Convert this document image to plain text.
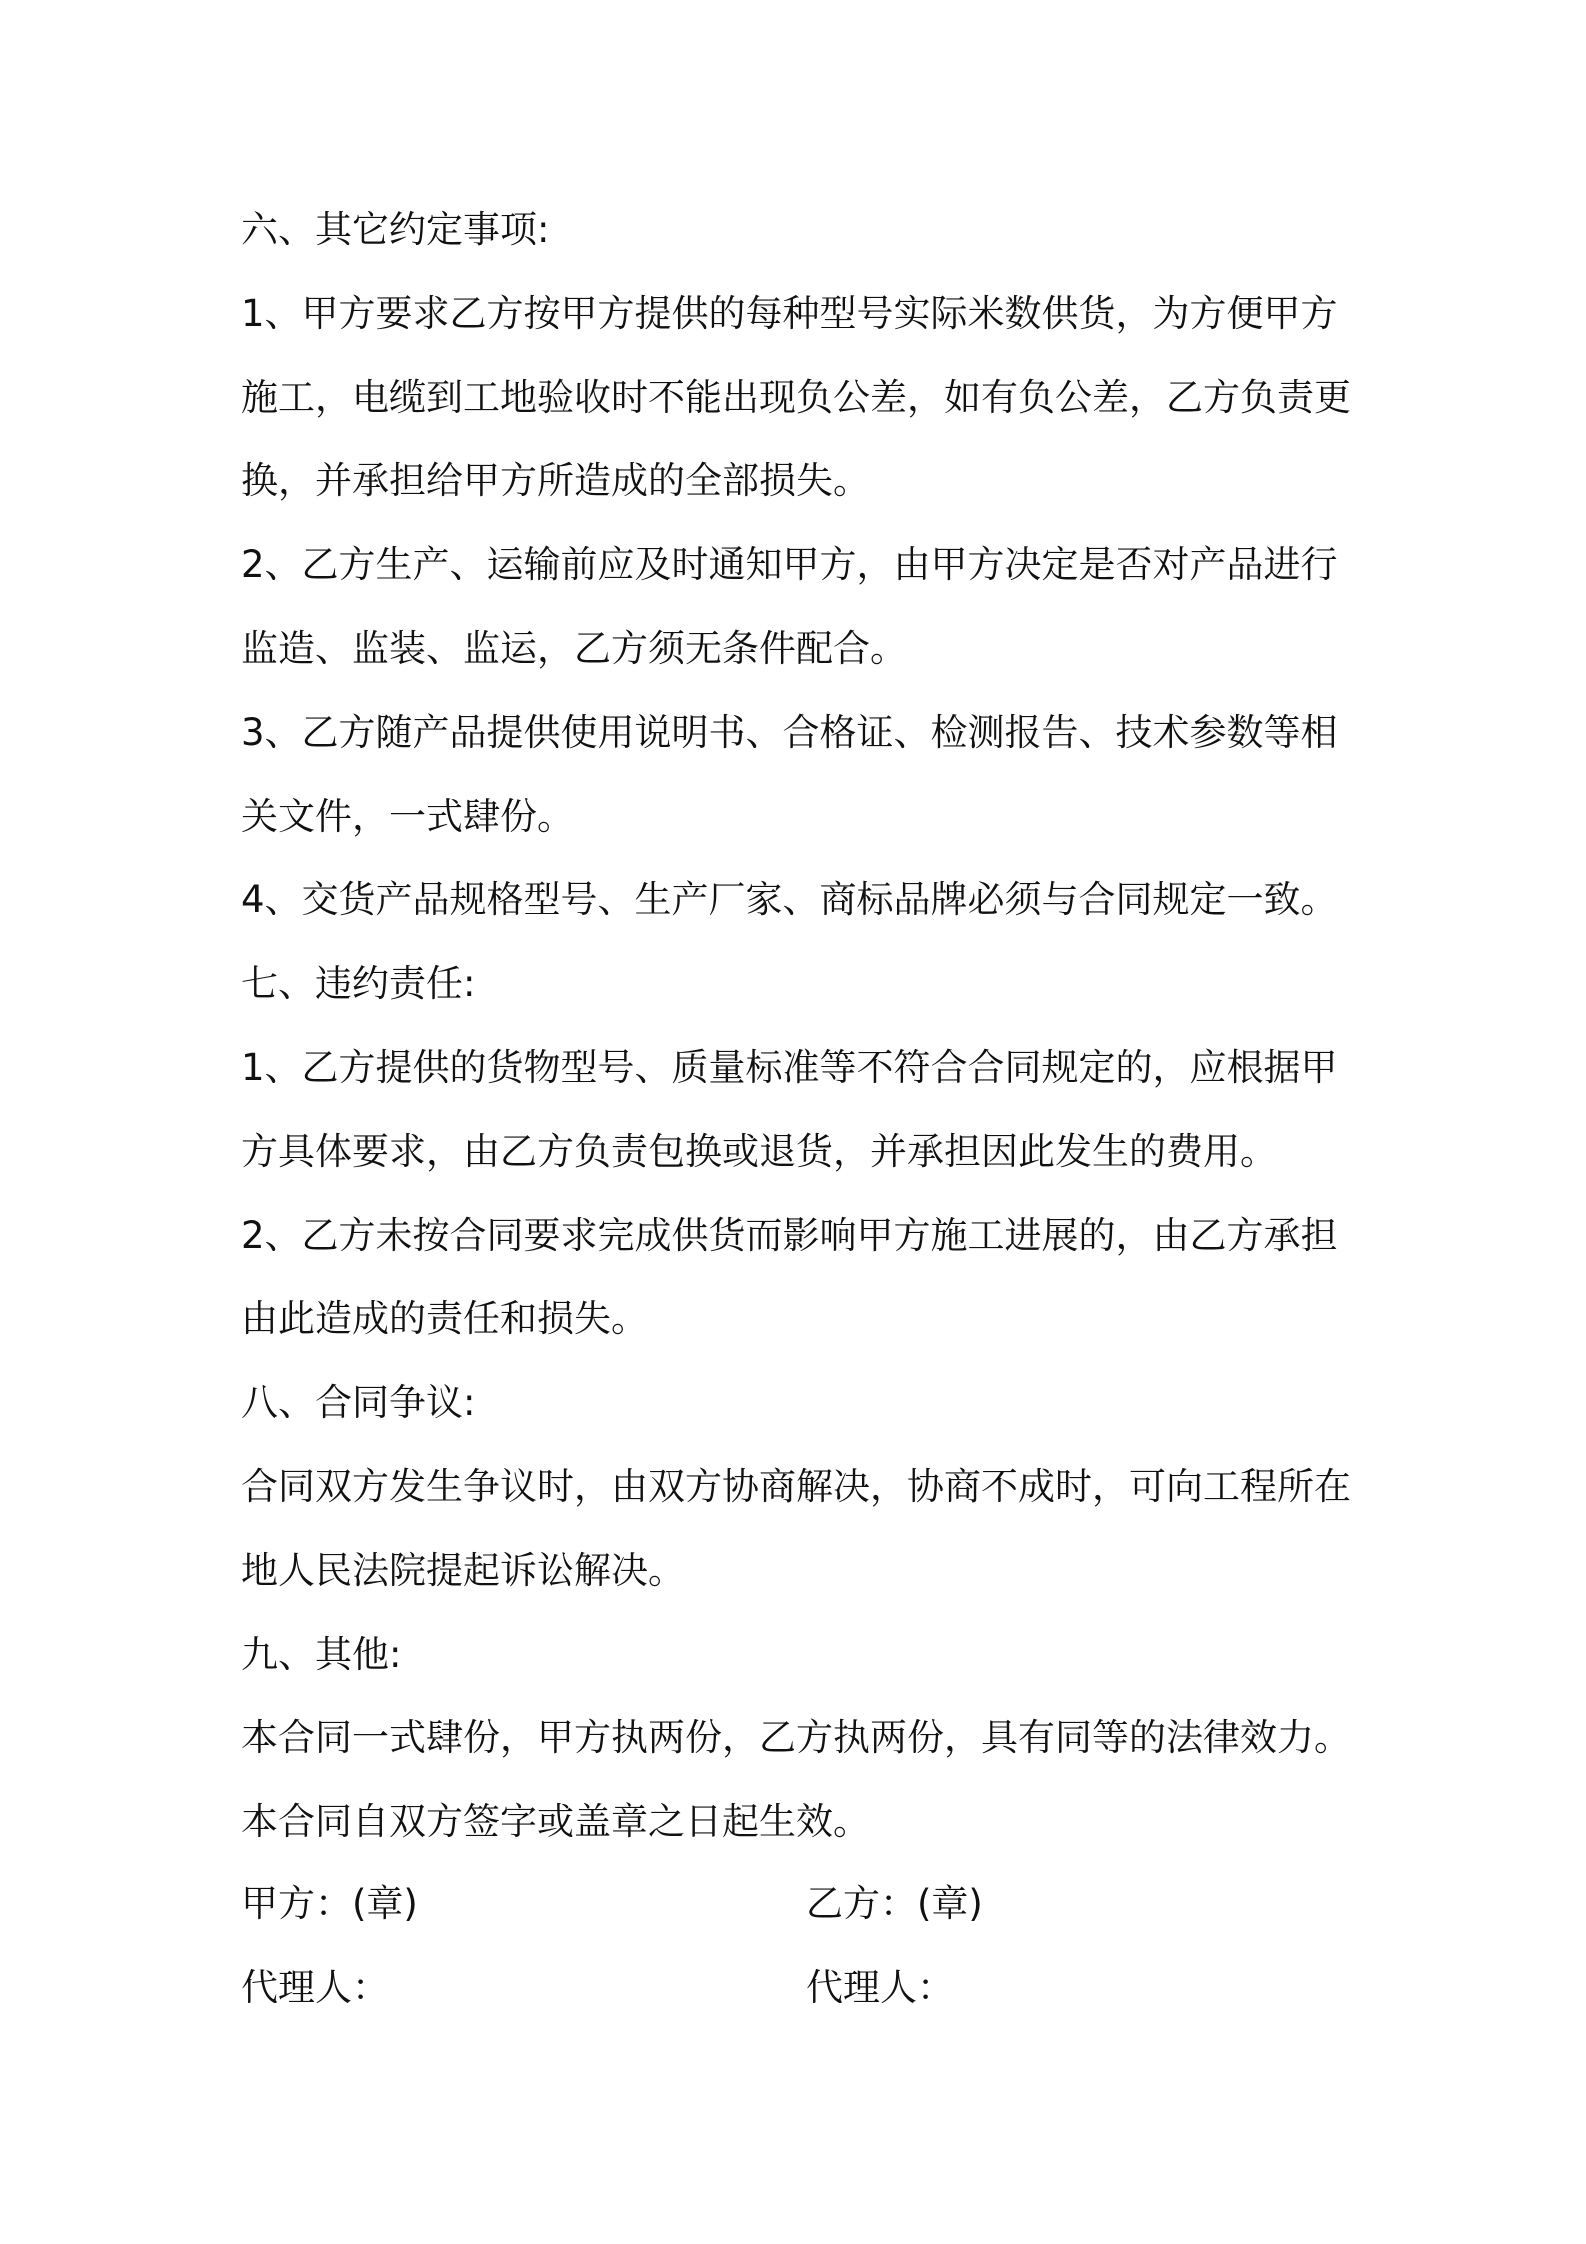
六、其它约定事项:
1、甲方要求乙方按甲方提供的每种型号实际米数供货，为方便甲方
施工，电缆到工地验收时不能出现负公差，如有负公差，乙方负责更
换，并承担给甲方所造成的全部损失。
2、乙方生产、运输前应及时通知甲方，由甲方决定是否对产品进行
监造、监装、监运，乙方须无条件配合。
3、乙方随产品提供使用说明书、合格证、检测报告、技术参数等相
关文件，一式肆份。
4、交货产品规格型号、生产厂家、商标品牌必须与合同规定一致。
七、违约责任:
1、乙方提供的货物型号、质量标准等不符合合同规定的，应根据甲
方具体要求，由乙方负责包换或退货，并承担因此发生的费用。
2、乙方未按合同要求完成供货而影响甲方施工进展的，由乙方承担
由此造成的责任和损失。
八、合同争议:
合同双方发生争议时，由双方协商解决，协商不成时，可向工程所在
地人民法院提起诉讼解决。
九、其他:
本合同一式肆份，甲方执两份，乙方执两份，具有同等的法律效力。
本合同自双方签字或盖章之日起生效。
甲方：(章)	乙方：(章)
代理人：	代理人：
